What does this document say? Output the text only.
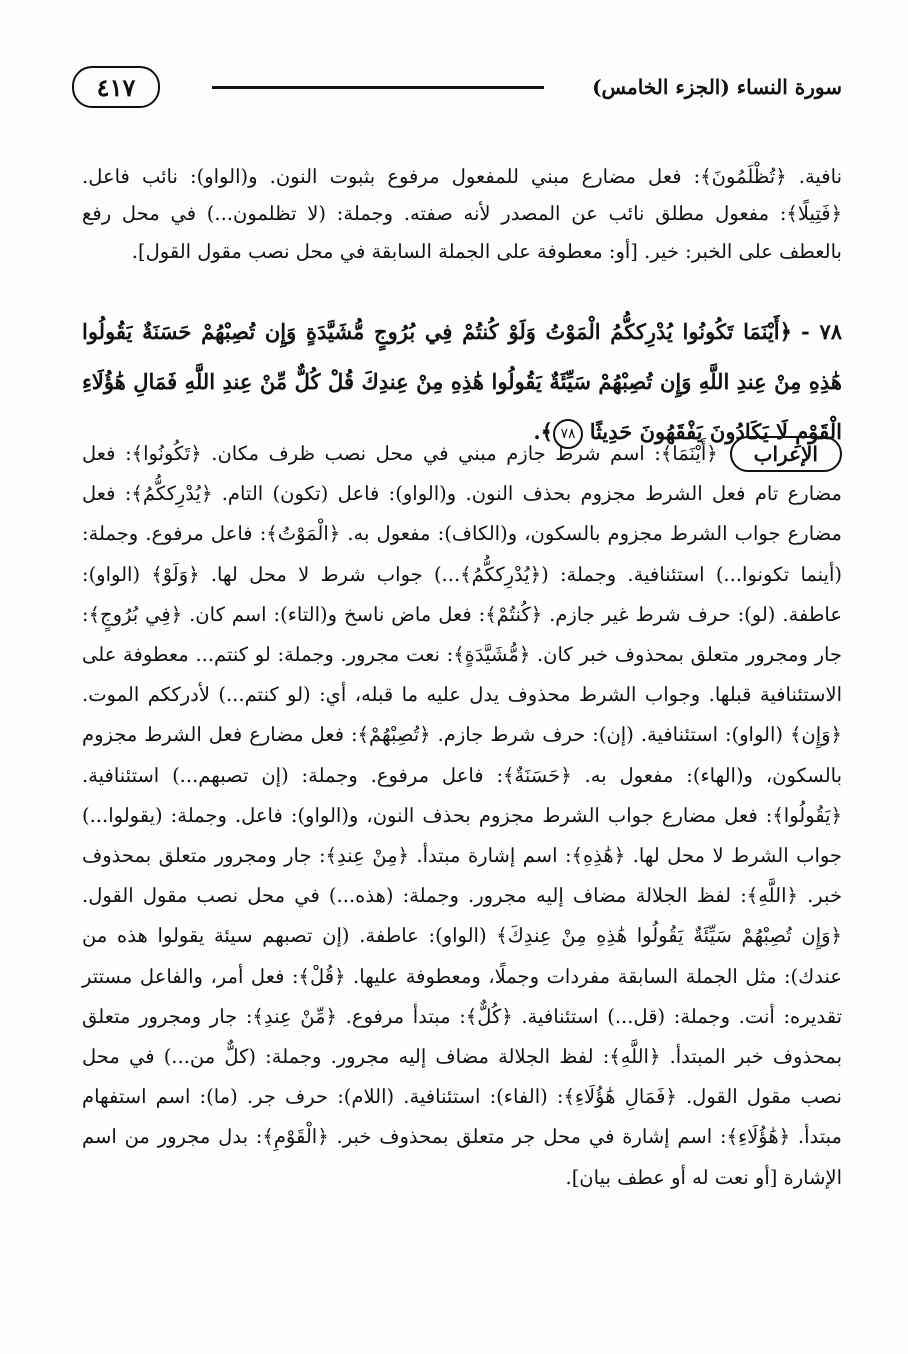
٤١٧	سورة النساء (الجزء الخامس)

نافية. ﴿تُظْلَمُونَ﴾: فعل مضارع مبني للمفعول مرفوع بثبوت النون. و(الواو): نائب فاعل. ﴿فَتِيلًا﴾: مفعول مطلق نائب عن المصدر لأنه صفته. وجملة: (لا تظلمون...) في محل رفع بالعطف على الخبر: خير. [أو: معطوفة على الجملة السابقة في محل نصب مقول القول].

٧٨ - ﴿أَيْنَمَا تَكُونُوا يُدْرِككُّمُ الْمَوْتُ وَلَوْ كُنتُمْ فِي بُرُوجٍ مُّشَيَّدَةٍ وَإِن تُصِبْهُمْ حَسَنَةٌ يَقُولُوا هَٰذِهِ مِنْ عِندِ اللَّهِ وَإِن تُصِبْهُمْ سَيِّئَةٌ يَقُولُوا هَٰذِهِ مِنْ عِندِكَ قُلْ كُلٌّ مِّنْ عِندِ اللَّهِ فَمَالِ هَٰؤُلَاءِ الْقَوْمِ لَا يَكَادُونَ يَفْقَهُونَ حَدِيثًا ٧٨﴾.

الإعراب
﴿أَيْنَمَا﴾: اسم شرط جازم مبني في محل نصب ظرف مكان. ﴿تَكُونُوا﴾: فعل مضارع تام فعل الشرط مجزوم بحذف النون. و(الواو): فاعل (تكون) التام. ﴿يُدْرِككُّمُ﴾: فعل مضارع جواب الشرط مجزوم بالسكون، و(الكاف): مفعول به. ﴿الْمَوْتُ﴾: فاعل مرفوع. وجملة: (أينما تكونوا...) استئنافية. وجملة: (﴿يُدْرِككُّمُ﴾...) جواب شرط لا محل لها. ﴿وَلَوْ﴾ (الواو): عاطفة. (لو): حرف شرط غير جازم. ﴿كُنتُمْ﴾: فعل ماض ناسخ و(التاء): اسم كان. ﴿فِي بُرُوجٍ﴾: جار ومجرور متعلق بمحذوف خبر كان. ﴿مُّشَيَّدَةٍ﴾: نعت مجرور. وجملة: لو كنتم... معطوفة على الاستئنافية قبلها. وجواب الشرط محذوف يدل عليه ما قبله، أي: (لو كنتم...) لأدرككم الموت. ﴿وَإِن﴾ (الواو): استئنافية. (إن): حرف شرط جازم. ﴿تُصِبْهُمْ﴾: فعل مضارع فعل الشرط مجزوم بالسكون، و(الهاء): مفعول به. ﴿حَسَنَةٌ﴾: فاعل مرفوع. وجملة: (إن تصبهم...) استئنافية. ﴿يَقُولُوا﴾: فعل مضارع جواب الشرط مجزوم بحذف النون، و(الواو): فاعل. وجملة: (يقولوا...) جواب الشرط لا محل لها. ﴿هَٰذِهِ﴾: اسم إشارة مبتدأ. ﴿مِنْ عِندِ﴾: جار ومجرور متعلق بمحذوف خبر. ﴿اللَّهِ﴾: لفظ الجلالة مضاف إليه مجرور. وجملة: (هذه...) في محل نصب مقول القول. ﴿وَإِن تُصِبْهُمْ سَيِّئَةٌ يَقُولُوا هَٰذِهِ مِنْ عِندِكَ﴾ (الواو): عاطفة. (إن تصبهم سيئة يقولوا هذه من عندك): مثل الجملة السابقة مفردات وجملًا، ومعطوفة عليها. ﴿قُلْ﴾: فعل أمر، والفاعل مستتر تقديره: أنت. وجملة: (قل...) استئنافية. ﴿كُلٌّ﴾: مبتدأ مرفوع. ﴿مِّنْ عِندِ﴾: جار ومجرور متعلق بمحذوف خبر المبتدأ. ﴿اللَّهِ﴾: لفظ الجلالة مضاف إليه مجرور. وجملة: (كلٌّ من...) في محل نصب مقول القول. ﴿فَمَالِ هَٰؤُلَاءِ﴾: (الفاء): استئنافية. (اللام): حرف جر. (ما): اسم استفهام مبتدأ. ﴿هَٰؤُلَاءِ﴾: اسم إشارة في محل جر متعلق بمحذوف خبر. ﴿الْقَوْمِ﴾: بدل مجرور من اسم الإشارة [أو نعت له أو عطف بيان].
